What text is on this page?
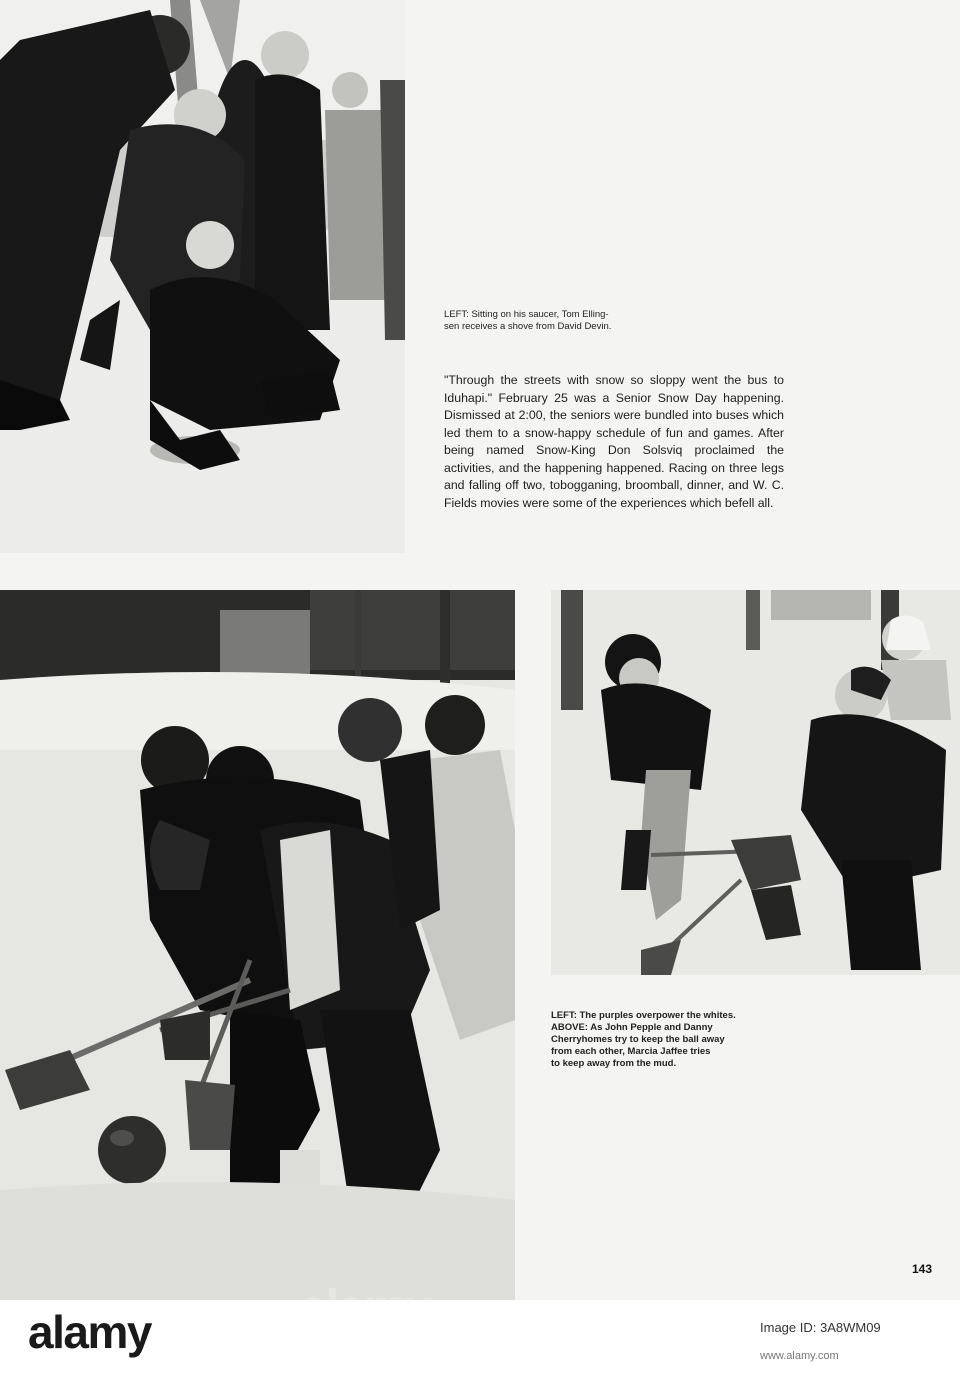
LEFT: Sitting on his saucer, Tom Elling-
sen receives a shove from David Devin.

"Through the streets with snow so sloppy went the bus to Iduhapi." February 25 was a Senior Snow Day happening. Dismissed at 2:00, the seniors were bundled into buses which led them to a snow-happy schedule of fun and games. After being named Snow-King Don Solsviq proclaimed the activities, and the happening happened. Racing on three legs and falling off two, tobogganing, broomball, dinner, and W. C. Fields movies were some of the experiences which befell all.

LEFT: The purples overpower the whites.
ABOVE: As John Pepple and Danny
Cherryhomes try to keep the ball away
from each other, Marcia Jaffee tries
to keep away from the mud.
143
alamy	Image ID: 3A8WM09
www.alamy.com
